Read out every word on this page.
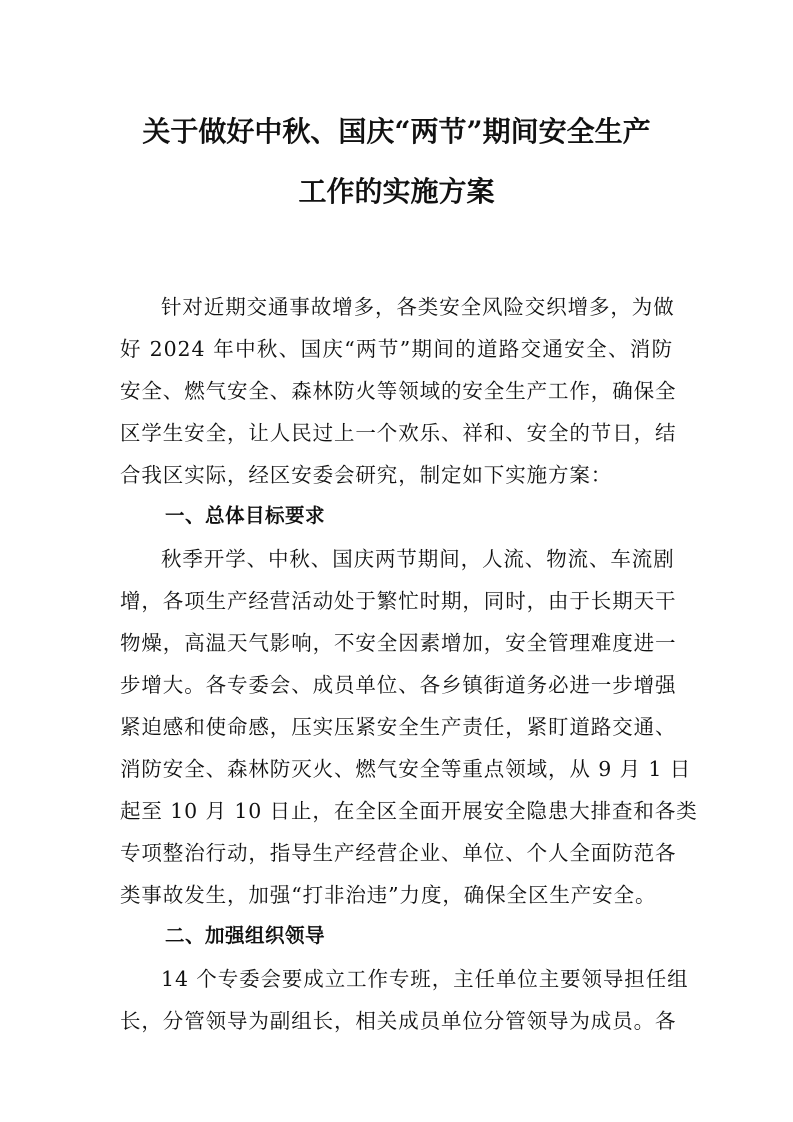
关于做好中秋、国庆“两节”期间安全生产
工作的实施方案
针对近期交通事故增多，各类安全风险交织增多，为做
好 2024 年中秋、国庆“两节”期间的道路交通安全、消防
安全、燃气安全、森林防火等领域的安全生产工作，确保全
区学生安全，让人民过上一个欢乐、祥和、安全的节日，结
合我区实际，经区安委会研究，制定如下实施方案：
一、总体目标要求
秋季开学、中秋、国庆两节期间，人流、物流、车流剧
增，各项生产经营活动处于繁忙时期，同时，由于长期天干
物燥，高温天气影响，不安全因素增加，安全管理难度进一
步增大。各专委会、成员单位、各乡镇街道务必进一步增强
紧迫感和使命感，压实压紧安全生产责任，紧盯道路交通、
消防安全、森林防灭火、燃气安全等重点领域，从 9 月 1 日
起至 10 月 10 日止，在全区全面开展安全隐患大排查和各类
专项整治行动，指导生产经营企业、单位、个人全面防范各
类事故发生，加强“打非治违”力度，确保全区生产安全。
二、加强组织领导
14 个专委会要成立工作专班，主任单位主要领导担任组
长，分管领导为副组长，相关成员单位分管领导为成员。各
